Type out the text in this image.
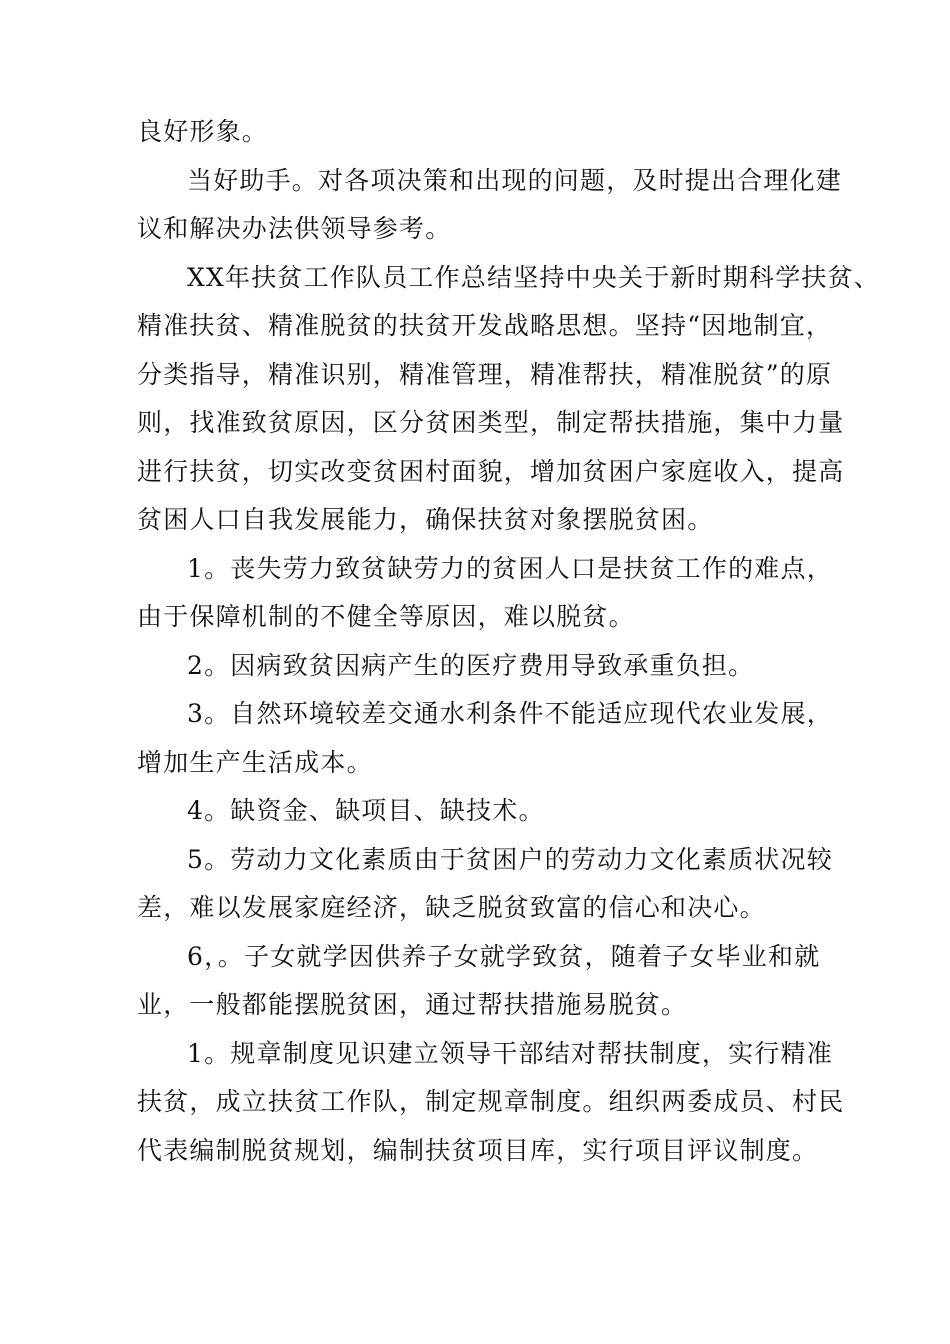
良好形象。
当好助手。对各项决策和出现的问题，及时提出合理化建
议和解决办法供领导参考。
XX年扶贫工作队员工作总结坚持中央关于新时期科学扶贫、
精准扶贫、精准脱贫的扶贫开发战略思想。坚持“因地制宜，
分类指导，精准识别，精准管理，精准帮扶，精准脱贫”的原
则，找准致贫原因，区分贫困类型，制定帮扶措施，集中力量
进行扶贫，切实改变贫困村面貌，增加贫困户家庭收入，提高
贫困人口自我发展能力，确保扶贫对象摆脱贫困。
1。丧失劳力致贫缺劳力的贫困人口是扶贫工作的难点，
由于保障机制的不健全等原因，难以脱贫。
2。因病致贫因病产生的医疗费用导致承重负担。
3。自然环境较差交通水利条件不能适应现代农业发展，
增加生产生活成本。
4。缺资金、缺项目、缺技术。
5。劳动力文化素质由于贫困户的劳动力文化素质状况较
差，难以发展家庭经济，缺乏脱贫致富的信心和决心。
6，。子女就学因供养子女就学致贫，随着子女毕业和就
业，一般都能摆脱贫困，通过帮扶措施易脱贫。
1。规章制度见识建立领导干部结对帮扶制度，实行精准
扶贫，成立扶贫工作队，制定规章制度。组织两委成员、村民
代表编制脱贫规划，编制扶贫项目库，实行项目评议制度。
